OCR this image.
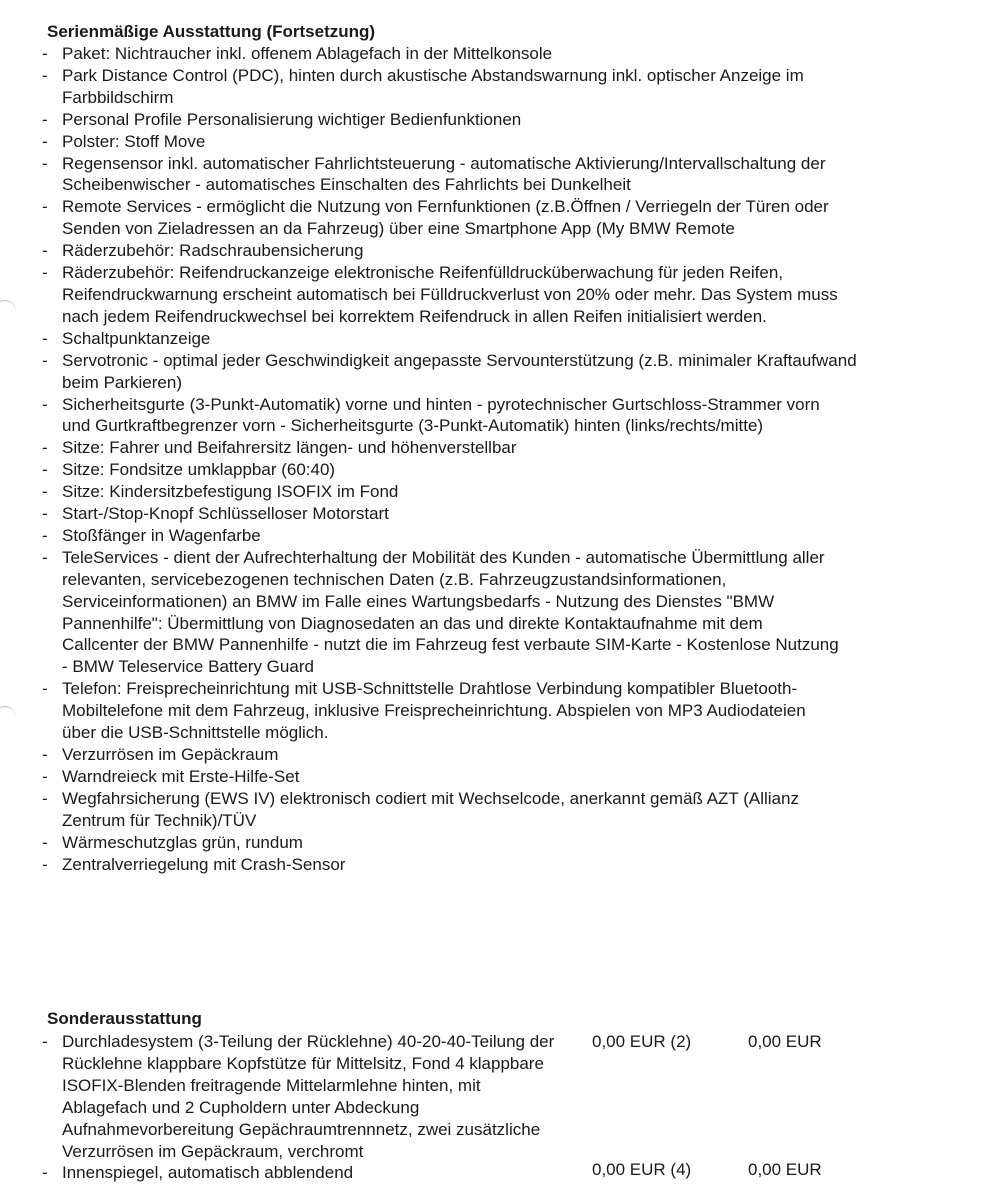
Serienmäßige Ausstattung (Fortsetzung)
- Paket: Nichtraucher inkl. offenem Ablagefach in der Mittelkonsole
- Park Distance Control (PDC), hinten durch akustische Abstandswarnung inkl. optischer Anzeige im Farbbildschirm
- Personal Profile Personalisierung wichtiger Bedienfunktionen
- Polster: Stoff Move
- Regensensor inkl. automatischer Fahrlichtsteuerung - automatische Aktivierung/Intervallschaltung der Scheibenwischer - automatisches Einschalten des Fahrlichts bei Dunkelheit
- Remote Services - ermöglicht die Nutzung von Fernfunktionen (z.B.Öffnen / Verriegeln der Türen oder Senden von Zieladressen an da Fahrzeug) über eine Smartphone App (My BMW Remote
- Räderzubehör: Radschraubensicherung
- Räderzubehör: Reifendruckanzeige elektronische Reifenfülldrucküberwachung für jeden Reifen, Reifendruckwarnung erscheint automatisch bei Fülldruckverlust von 20% oder mehr. Das System muss nach jedem Reifendruckwechsel bei korrektem Reifendruck in allen Reifen initialisiert werden.
- Schaltpunktanzeige
- Servotronic - optimal jeder Geschwindigkeit angepasste Servounterstützung (z.B. minimaler Kraftaufwand beim Parkieren)
- Sicherheitsgurte (3-Punkt-Automatik) vorne und hinten - pyrotechnischer Gurtschloss-Strammer vorn und Gurtkraftbegrenzer vorn - Sicherheitsgurte (3-Punkt-Automatik) hinten (links/rechts/mitte)
- Sitze: Fahrer und Beifahrersitz längen- und höhenverstellbar
- Sitze: Fondsitze umklappbar (60:40)
- Sitze: Kindersitzbefestigung ISOFIX im Fond
- Start-/Stop-Knopf Schlüsselloser Motorstart
- Stoßfänger in Wagenfarbe
- TeleServices - dient der Aufrechterhaltung der Mobilität des Kunden - automatische Übermittlung aller relevanten, servicebezogenen technischen Daten (z.B. Fahrzeugzustandsinformationen, Serviceinformationen) an BMW im Falle eines Wartungsbedarfs - Nutzung des Dienstes "BMW Pannenhilfe": Übermittlung von Diagnosedaten an das und direkte Kontaktaufnahme mit dem Callcenter der BMW Pannenhilfe - nutzt die im Fahrzeug fest verbaute SIM-Karte - Kostenlose Nutzung - BMW Teleservice Battery Guard
- Telefon: Freisprecheinrichtung mit USB-Schnittstelle Drahtlose Verbindung kompatibler Bluetooth-Mobiltelefone mit dem Fahrzeug, inklusive Freisprecheinrichtung. Abspielen von MP3 Audiodateien über die USB-Schnittstelle möglich.
- Verzurrösen im Gepäckraum
- Warndreieck mit Erste-Hilfe-Set
- Wegfahrsicherung (EWS IV) elektronisch codiert mit Wechselcode, anerkannt gemäß AZT (Allianz Zentrum für Technik)/TÜV
- Wärmeschutzglas grün, rundum
- Zentralverriegelung mit Crash-Sensor
Sonderausstattung
- Durchladesystem (3-Teilung der Rücklehne) 40-20-40-Teilung der Rücklehne klappbare Kopfstütze für Mittelsitz, Fond 4 klappbare ISOFIX-Blenden freitragende Mittelarmlehne hinten, mit Ablagefach und 2 Cupholdern unter Abdeckung Aufnahmevorbereitung Gepächraumtrennnetz, zwei zusätzliche Verzurrösen im Gepäckraum, verchromt
- Innenspiegel, automatisch abblendend
0,00 EUR (2)	0,00 EUR
0,00 EUR (4)	0,00 EUR
